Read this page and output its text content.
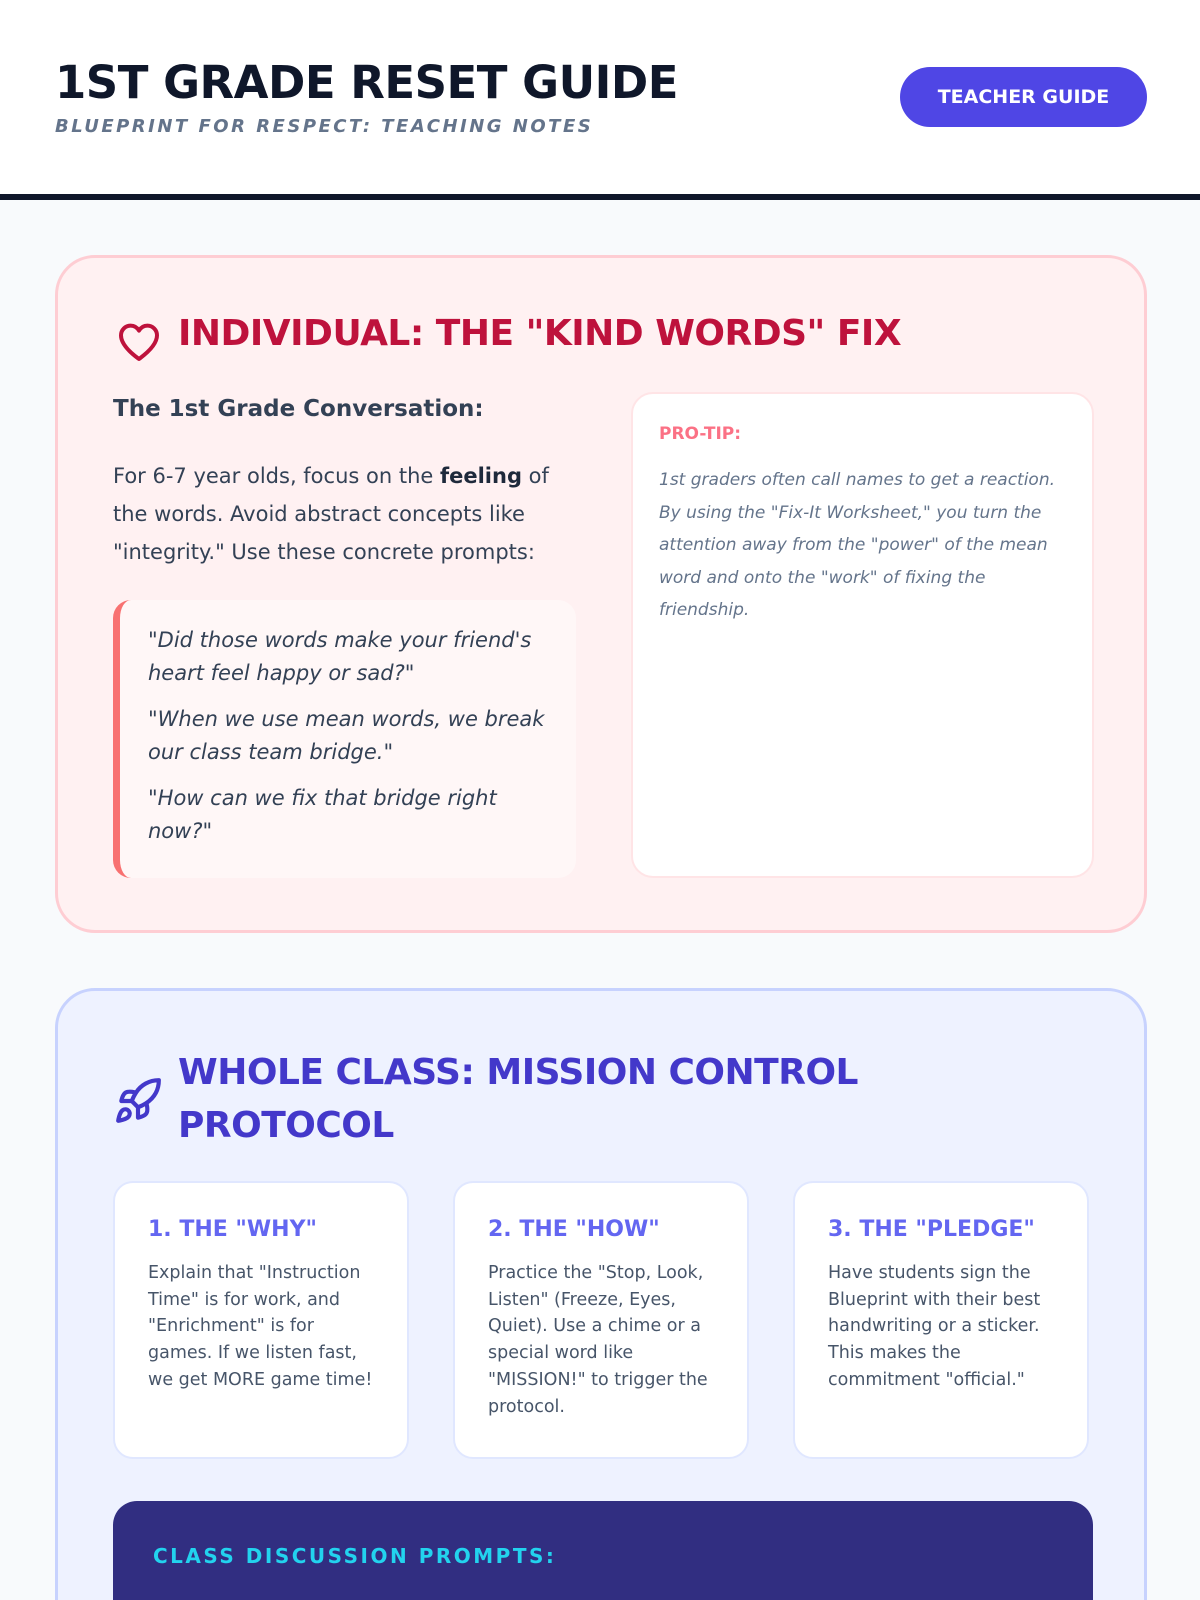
1ST GRADE RESET GUIDE
BLUEPRINT FOR RESPECT: TEACHING NOTES
TEACHER GUIDE
INDIVIDUAL: THE "KIND WORDS" FIX
The 1st Grade Conversation:

For 6-7 year olds, focus on the feeling of the words. Avoid abstract concepts like "integrity." Use these concrete prompts:

"Did those words make your friend's heart feel happy or sad?"

"When we use mean words, we break our class team bridge."

"How can we fix that bridge right now?"

PRO-TIP:

1st graders often call names to get a reaction. By using the "Fix-It Worksheet," you turn the attention away from the "power" of the mean word and onto the "work" of fixing the friendship.

WHOLE CLASS: MISSION CONTROL PROTOCOL
1. THE "WHY"

Explain that "Instruction Time" is for work, and "Enrichment" is for games. If we listen fast, we get MORE game time!

2. THE "HOW"

Practice the "Stop, Look, Listen" (Freeze, Eyes, Quiet). Use a chime or a special word like "MISSION!" to trigger the protocol.

3. THE "PLEDGE"

Have students sign the Blueprint with their best handwriting or a sticker. This makes the commitment "official."

CLASS DISCUSSION PROMPTS:
